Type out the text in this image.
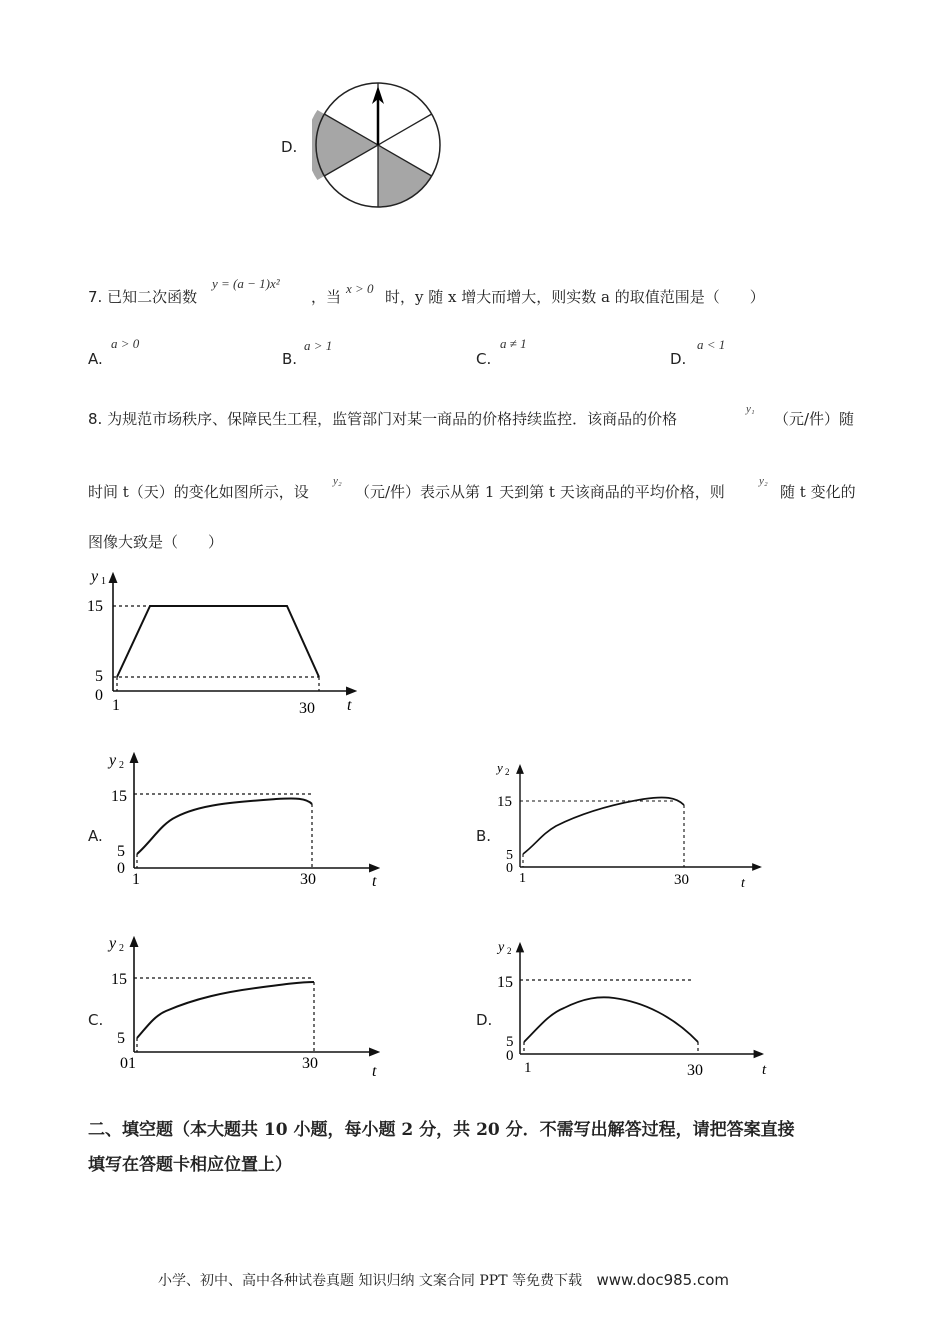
D.
7. 已知二次函数
y = (a − 1)x²
，当 x > 0 时，y 随 x 增大而增大，则实数 a 的取值范围是（　　）
A.
a > 0
B.
a > 1
C.
a ≠ 1
D.
a < 1
8. 为规范市场秩序、保障民生工程，监管部门对某一商品的价格持续监控．该商品的价格
y₁
（元/件）随
时间 t（天）的变化如图所示，设
y₂
（元/件）表示从第 1 天到第 t 天该商品的平均价格，则
y₂
随 t 变化的
图像大致是（　　）
y 1
15
5
0
1	30 t
A.
y 2
15
5
0
1	30	t
B.
y 2
15
5
0
1	30	t
C.
y 2
15
5
01	30	t
D.
y 2
15
5
0
1	30	t
二、填空题（本大题共 10 小题，每小题 2 分，共 20 分．不需写出解答过程，请把答案直接
填写在答题卡相应位置上）
小学、初中、高中各种试卷真题 知识归纳 文案合同 PPT 等免费下载 www.doc985.com
